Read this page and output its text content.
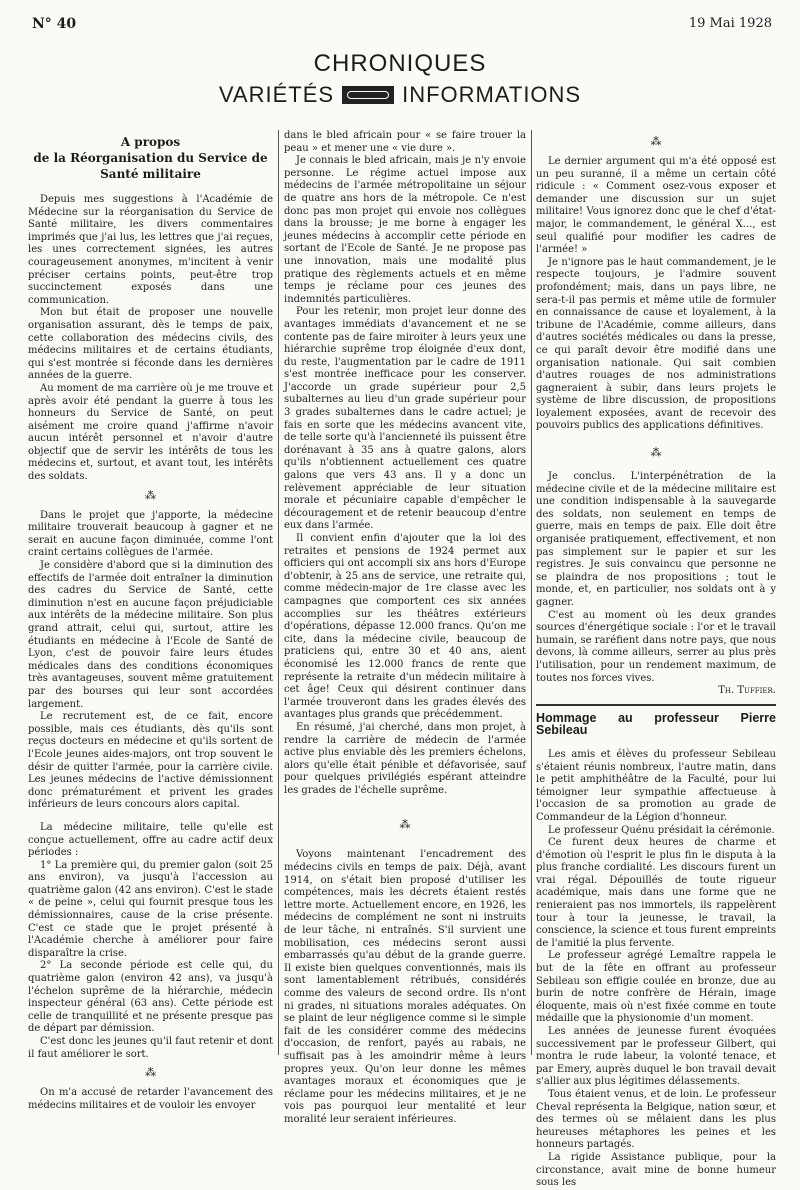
N° 40	19 Mai 1928
CHRONIQUES
VARIÉTÉS	INFORMATIONS
A propos
de la Réorganisation du Service de Santé militaire

Depuis mes suggestions à l'Académie de Médecine sur la réorganisation du Service de Santé militaire, les divers commentaires imprimés que j'ai lus, les lettres que j'ai reçues, les unes correctement signées, les autres courageusement anonymes, m'incitent à venir préciser certains points, peut-être trop succinctement exposés dans une communication.

Mon but était de proposer une nouvelle organisation assurant, dès le temps de paix, cette collaboration des médecins civils, des médecins militaires et de certains étudiants, qui s'est montrée si féconde dans les dernières années de la guerre.

Au moment de ma carrière où je me trouve et après avoir été pendant la guerre à tous les honneurs du Service de Santé, on peut aisément me croire quand j'affirme n'avoir aucun intérêt personnel et n'avoir d'autre objectif que de servir les intérêts de tous les médecins et, surtout, et avant tout, les intérêts des soldats.

⁂

Dans le projet que j'apporte, la médecine militaire trouverait beaucoup à gagner et ne serait en aucune façon diminuée, comme l'ont craint certains collègues de l'armée.

Je considère d'abord que si la diminution des effectifs de l'armée doit entraîner la diminution des cadres du Service de Santé, cette diminution n'est en aucune façon préjudiciable aux intérêts de la médecine militaire. Son plus grand attrait, celui qui, surtout, attire les étudiants en médecine à l'Ecole de Santé de Lyon, c'est de pouvoir faire leurs études médicales dans des conditions économiques très avantageuses, souvent même gratuitement par des bourses qui leur sont accordées largement.

Le recrutement est, de ce fait, encore possible, mais ces étudiants, dès qu'ils sont reçus docteurs en médecine et qu'ils sortent de l'Ecole jeunes aides-majors, ont trop souvent le désir de quitter l'armée, pour la carrière civile. Les jeunes médecins de l'active démissionnent donc prématurément et privent les grades inférieurs de leurs concours alors capital.

La médecine militaire, telle qu'elle est conçue actuellement, offre au cadre actif deux périodes :

1° La première qui, du premier galon (soit 25 ans environ), va jusqu'à l'accession au quatrième galon (42 ans environ). C'est le stade « de peine », celui qui fournit presque tous les démissionnaires, cause de la crise présente. C'est ce stade que le projet présenté à l'Académie cherche à améliorer pour faire disparaître la crise.

2° La seconde période est celle qui, du quatrième galon (environ 42 ans), va jusqu'à l'échelon suprême de la hiérarchie, médecin inspecteur général (63 ans). Cette période est celle de tranquillité et ne présente presque pas de départ par démission.

C'est donc les jeunes qu'il faut retenir et dont il faut améliorer le sort.

⁂

On m'a accusé de retarder l'avancement des médecins militaires et de vouloir les envoyer

dans le bled africain pour « se faire trouer la peau » et mener une « vie dure ».

Je connais le bled africain, mais je n'y envoie personne. Le régime actuel impose aux médecins de l'armée métropolitaine un séjour de quatre ans hors de la métropole. Ce n'est donc pas mon projet qui envoie nos collègues dans la brousse; je me borne à engager les jeunes médecins à accomplir cette période en sortant de l'Ecole de Santé. Je ne propose pas une innovation, mais une modalité plus pratique des règlements actuels et en même temps je réclame pour ces jeunes des indemnités particulières.

Pour les retenir, mon projet leur donne des avantages immédiats d'avancement et ne se contente pas de faire miroiter à leurs yeux une hiérarchie suprême trop éloignée d'eux dont, du reste, l'augmentation par le cadre de 1911 s'est montrée inefficace pour les conserver. J'accorde un grade supérieur pour 2,5 subalternes au lieu d'un grade supérieur pour 3 grades subalternes dans le cadre actuel; je fais en sorte que les médecins avancent vite, de telle sorte qu'à l'ancienneté ils puissent être dorénavant à 35 ans à quatre galons, alors qu'ils n'obtiennent actuellement ces quatre galons que vers 43 ans. Il y a donc un relèvement appréciable de leur situation morale et pécuniaire capable d'empêcher le découragement et de retenir beaucoup d'entre eux dans l'armée.

Il convient enfin d'ajouter que la loi des retraites et pensions de 1924 permet aux officiers qui ont accompli six ans hors d'Europe d'obtenir, à 25 ans de service, une retraite qui, comme médecin-major de 1re classe avec les campagnes que comportent ces six années accomplies sur les théâtres extérieurs d'opérations, dépasse 12.000 francs. Qu'on me cite, dans la médecine civile, beaucoup de praticiens qui, entre 30 et 40 ans, aient économisé les 12.000 francs de rente que représente la retraite d'un médecin militaire à cet âge! Ceux qui désirent continuer dans l'armée trouveront dans les grades élevés des avantages plus grands que précédemment.

En résumé, j'ai cherché, dans mon projet, à rendre la carrière de médecin de l'armée active plus enviable dès les premiers échelons, alors qu'elle était pénible et défavorisée, sauf pour quelques privilégiés espérant atteindre les grades de l'échelle suprême.

⁂

Voyons maintenant l'encadrement des médecins civils en temps de paix. Déjà, avant 1914, on s'était bien proposé d'utiliser les compétences, mais les décrets étaient restés lettre morte. Actuellement encore, en 1926, les médecins de complément ne sont ni instruits de leur tâche, ni entraînés. S'il survient une mobilisation, ces médecins seront aussi embarrassés qu'au début de la grande guerre. Il existe bien quelques conventionnés, mais ils sont lamentablement rétribués, considérés comme des valeurs de second ordre. Ils n'ont ni grades, ni situations morales adéquates. On se plaint de leur négligence comme si le simple fait de les considérer comme des médecins d'occasion, de renfort, payés au rabais, ne suffisait pas à les amoindrir même à leurs propres yeux. Qu'on leur donne les mêmes avantages moraux et économiques que je réclame pour les médecins militaires, et je ne vois pas pourquoi leur mentalité et leur moralité leur seraient inférieures.

⁂

Le dernier argument qui m'a été opposé est un peu suranné, il a même un certain côté ridicule : « Comment osez-vous exposer et demander une discussion sur un sujet militaire! Vous ignorez donc que le chef d'état-major, le commandement, le général X..., est seul qualifié pour modifier les cadres de l'armée! »

Je n'ignore pas le haut commandement, je le respecte toujours, je l'admire souvent profondément; mais, dans un pays libre, ne sera-t-il pas permis et même utile de formuler en connaissance de cause et loyalement, à la tribune de l'Académie, comme ailleurs, dans d'autres sociétés médicales ou dans la presse, ce qui paraît devoir être modifié dans une organisation nationale. Qui sait combien d'autres rouages de nos administrations gagneraient à subir, dans leurs projets le système de libre discussion, de propositions loyalement exposées, avant de recevoir des pouvoirs publics des applications définitives.

⁂

Je conclus. L'interpénétration de la médecine civile et de la médecine militaire est une condition indispensable à la sauvegarde des soldats, non seulement en temps de guerre, mais en temps de paix. Elle doit être organisée pratiquement, effectivement, et non pas simplement sur le papier et sur les registres. Je suis convaincu que personne ne se plaindra de nos propositions ; tout le monde, et, en particulier, nos soldats ont à y gagner.

C'est au moment où les deux grandes sources d'énergétique sociale : l'or et le travail humain, se raréfient dans notre pays, que nous devons, là comme ailleurs, serrer au plus près l'utilisation, pour un rendement maximum, de toutes nos forces vives.

Th. Tuffier.
Hommage au professeur Pierre Sebileau

Les amis et élèves du professeur Sebileau s'étaient réunis nombreux, l'autre matin, dans le petit amphithéâtre de la Faculté, pour lui témoigner leur sympathie affectueuse à l'occasion de sa promotion au grade de Commandeur de la Légion d'honneur.

Le professeur Quénu présidait la cérémonie.

Ce furent deux heures de charme et d'émotion où l'esprit le plus fin le disputa à la plus franche cordialité. Les discours furent un vrai régal. Dépouillés de toute rigueur académique, mais dans une forme que ne renieraient pas nos immortels, ils rappelèrent tour à tour la jeunesse, le travail, la conscience, la science et tous furent empreints de l'amitié la plus fervente.

Le professeur agrégé Lemaître rappela le but de la fête en offrant au professeur Sebileau son effigie coulée en bronze, due au burin de notre confrère de Hérain, image éloquente, mais où n'est fixée comme en toute médaille que la physionomie d'un moment.

Les années de jeunesse furent évoquées successivement par le professeur Gilbert, qui montra le rude labeur, la volonté tenace, et par Emery, auprès duquel le bon travail devait s'allier aux plus légitimes délassements.

Tous étaient venus, et de loin. Le professeur Cheval représenta la Belgique, nation sœur, et des termes où se mêlaient dans les plus heureuses métaphores les peines et les honneurs partagés.

La rigide Assistance publique, pour la circonstance, avait mine de bonne humeur sous les
